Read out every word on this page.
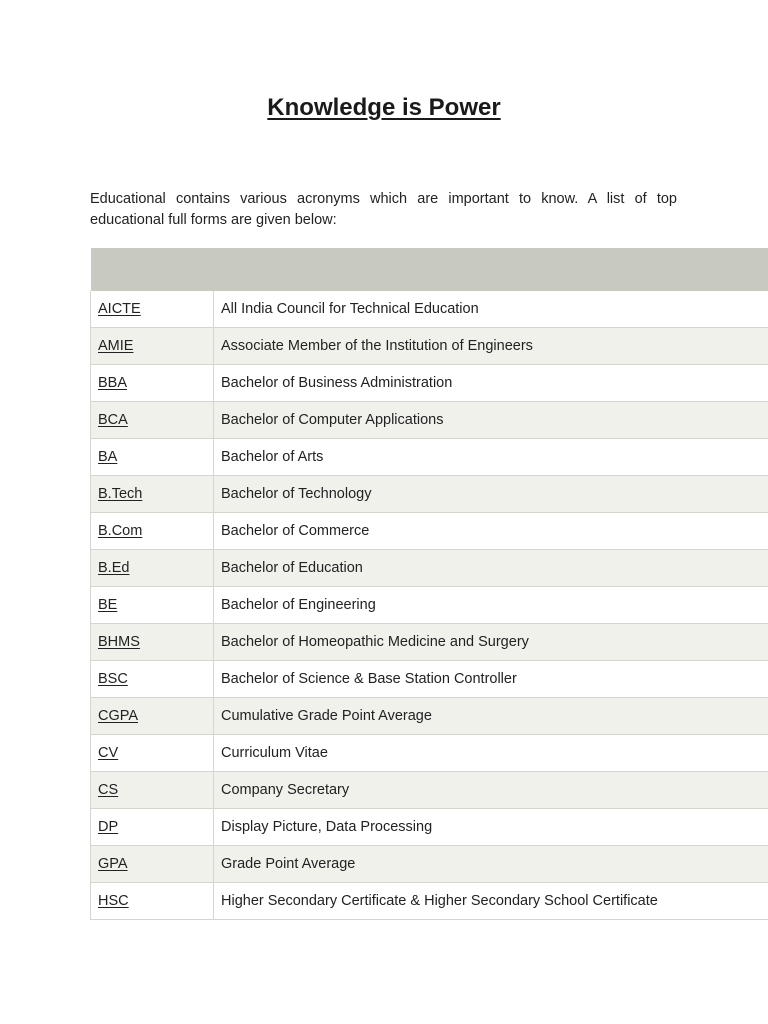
Knowledge is Power

Educational contains various acronyms which are important to know. A list of top educational full forms are given below:

AICTE	All India Council for Technical Education
AMIE	Associate Member of the Institution of Engineers
BBA	Bachelor of Business Administration
BCA	Bachelor of Computer Applications
BA	Bachelor of Arts
B.Tech	Bachelor of Technology
B.Com	Bachelor of Commerce
B.Ed	Bachelor of Education
BE	Bachelor of Engineering
BHMS	Bachelor of Homeopathic Medicine and Surgery
BSC	Bachelor of Science & Base Station Controller
CGPA	Cumulative Grade Point Average
CV	Curriculum Vitae
CS	Company Secretary
DP	Display Picture, Data Processing
GPA	Grade Point Average
HSC	Higher Secondary Certificate & Higher Secondary School Certificate
